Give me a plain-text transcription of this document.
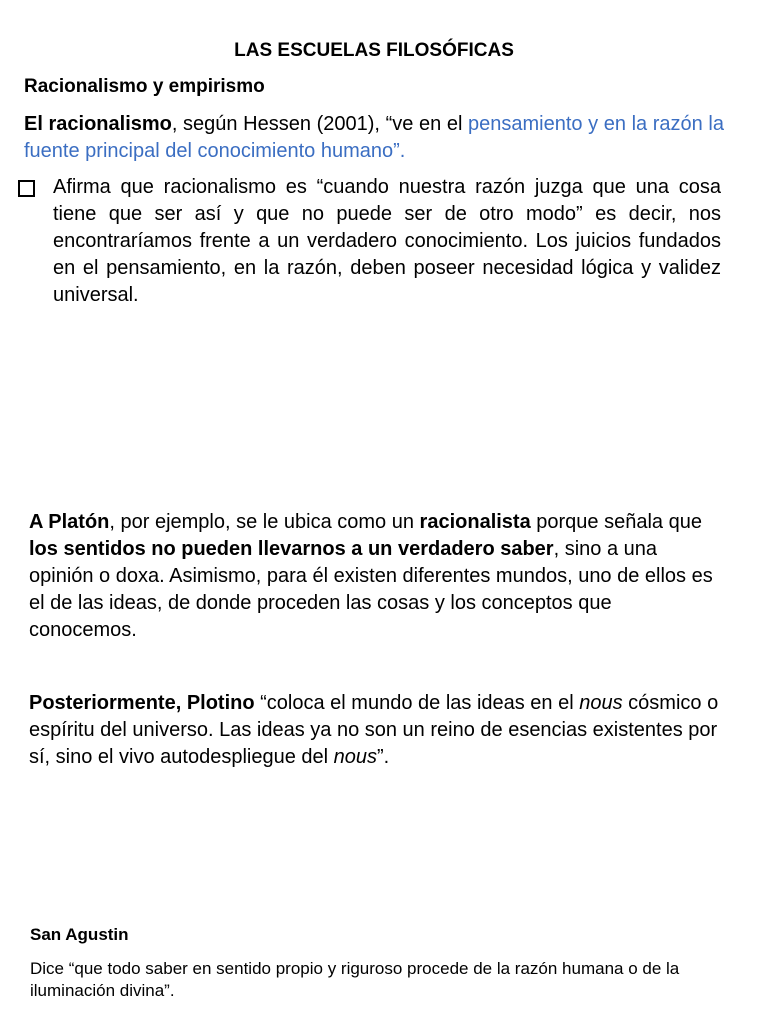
LAS ESCUELAS FILOSÓFICAS
Racionalismo y empirismo
El racionalismo, según Hessen (2001), “ve en el pensamiento y en la razón la fuente principal del conocimiento humano”.
Afirma que racionalismo es “cuando nuestra razón juzga que una cosa tiene que ser así y que no puede ser de otro modo” es decir, nos encontraríamos frente a un verdadero conocimiento. Los juicios fundados en el pensamiento, en la razón, deben poseer necesidad lógica y validez universal.
A Platón, por ejemplo, se le ubica como un racionalista porque señala que los sentidos no pueden llevarnos a un verdadero saber, sino a una opinión o doxa. Asimismo, para él existen diferentes mundos, uno de ellos es el de las ideas, de donde proceden las cosas y los conceptos que conocemos.
Posteriormente, Plotino “coloca el mundo de las ideas en el nous cósmico o espíritu del universo. Las ideas ya no son un reino de esencias existentes por sí, sino el vivo autodespliegue del nous”.
San Agustin
Dice “que todo saber en sentido propio y riguroso procede de la razón humana o de la iluminación divina”.
